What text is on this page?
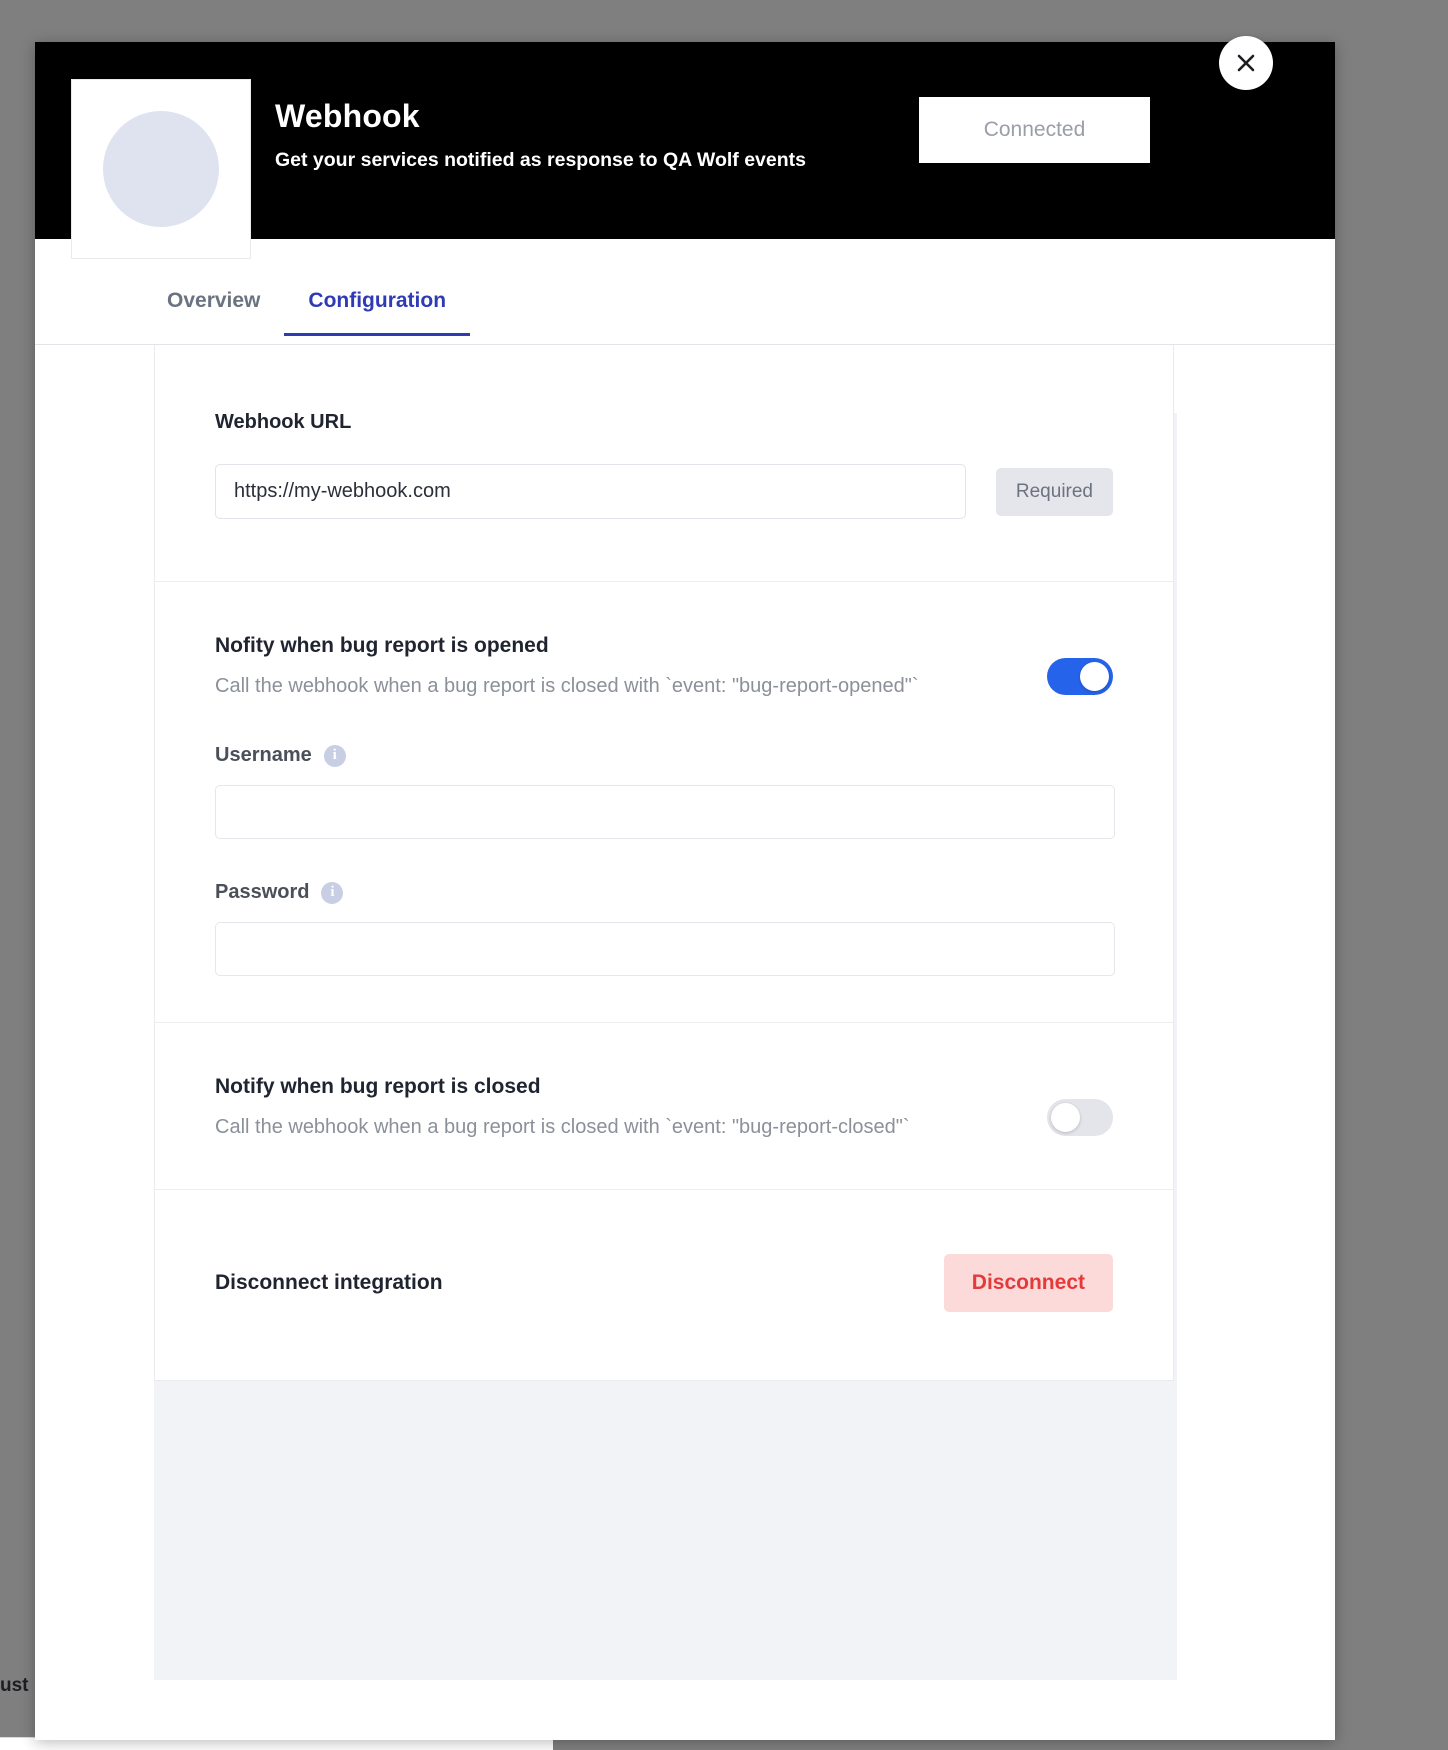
ust
Webhook
Get your services notified as response to QA Wolf events
Connected
Overview	Configuration
Webhook URL
https://my-webhook.com
Required
Nofity when bug report is opened
Call the webhook when a bug report is closed with `event: "bug-report-opened"`
Username	i
Password	i
Notify when bug report is closed
Call the webhook when a bug report is closed with `event: "bug-report-closed"`
Disconnect integration	Disconnect
